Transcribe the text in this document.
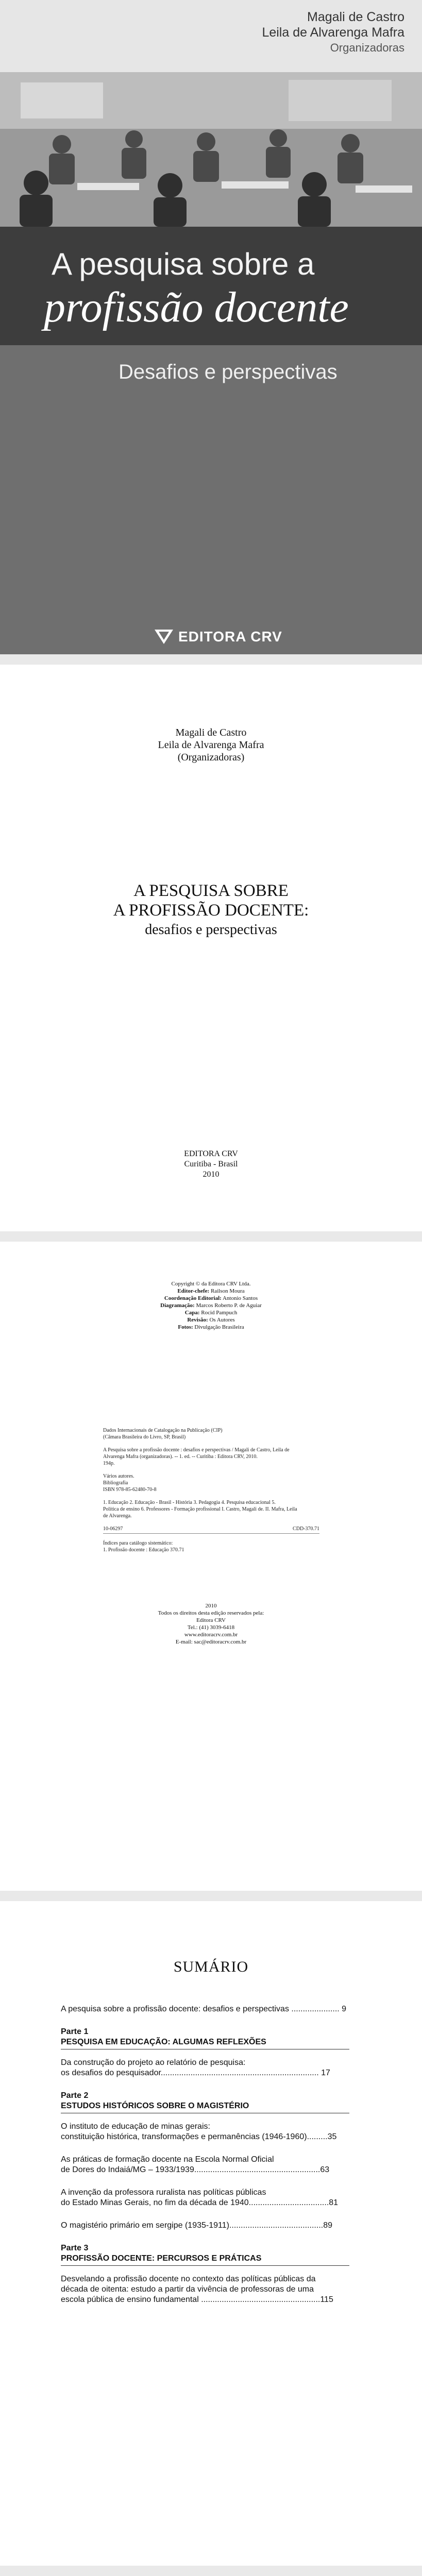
Magali de Castro
Leila de Alvarenga Mafra
Organizadoras
A pesquisa sobre a
profissão docente
Desafios e perspectivas
EDITORA CRV
Magali de Castro
Leila de Alvarenga Mafra
(Organizadoras)
A PESQUISA SOBRE
A PROFISSÃO DOCENTE:
desafios e perspectivas
EDITORA CRV
Curitiba - Brasil
2010
Copyright © da Editora CRV Ltda.
Editor-chefe: Railson Moura
Coordenação Editorial: Antonio Santos
Diagramação: Marcos Roberto P. de Aguiar
Capa: Rocid Pampuch
Revisão: Os Autores
Fotos: Divulgação Brasileira
Dados Internacionais de Catalogação na Publicação (CIP)
(Câmara Brasileira do Livro, SP, Brasil)
A Pesquisa sobre a profissão docente : desafios e perspectivas / Magali de Castro, Leila de
Alvarenga Mafra (organizadoras). -- 1. ed. -- Curitiba : Editora CRV, 2010.
194p.
Vários autores.
Bibliografia
ISBN 978-85-62480-70-8
1. Educação 2. Educação - Brasil - História 3. Pedagogia 4. Pesquisa educacional 5.
Política de ensino 6. Professores - Formação profissional I. Castro, Magali de. II. Mafra, Leila
de Alvarenga.
10-06297	CDD-370.71
Índices para catálogo sistemático:
1. Profissão docente : Educação 370.71
2010
Todos os direitos desta edição reservados pela:
Editora CRV
Tel.: (41) 3039-6418
www.editoracrv.com.br
E-mail: sac@editoracrv.com.br
SUMÁRIO
A pesquisa sobre a profissão docente: desafios e perspectivas ..................... 9
Parte 1
PESQUISA EM EDUCAÇÃO: ALGUMAS REFLEXÕES
Da construção do projeto ao relatório de pesquisa:
os desafios do pesquisador..................................................................... 17
Parte 2
ESTUDOS HISTÓRICOS SOBRE O MAGISTÉRIO
O instituto de educação de minas gerais:
constituição histórica, transformações e permanências (1946-1960).........35
As práticas de formação docente na Escola Normal Oficial
de Dores do Indaiá/MG – 1933/1939.......................................................63
A invenção da professora ruralista nas políticas públicas
do Estado Minas Gerais, no fim da década de 1940...................................81
O magistério primário em sergipe (1935-1911).........................................89
Parte 3
PROFISSÃO DOCENTE: PERCURSOS E PRÁTICAS
Desvelando a profissão docente no contexto das políticas públicas da
década de oitenta: estudo a partir da vivência de professoras de uma
escola pública de ensino fundamental ....................................................115
